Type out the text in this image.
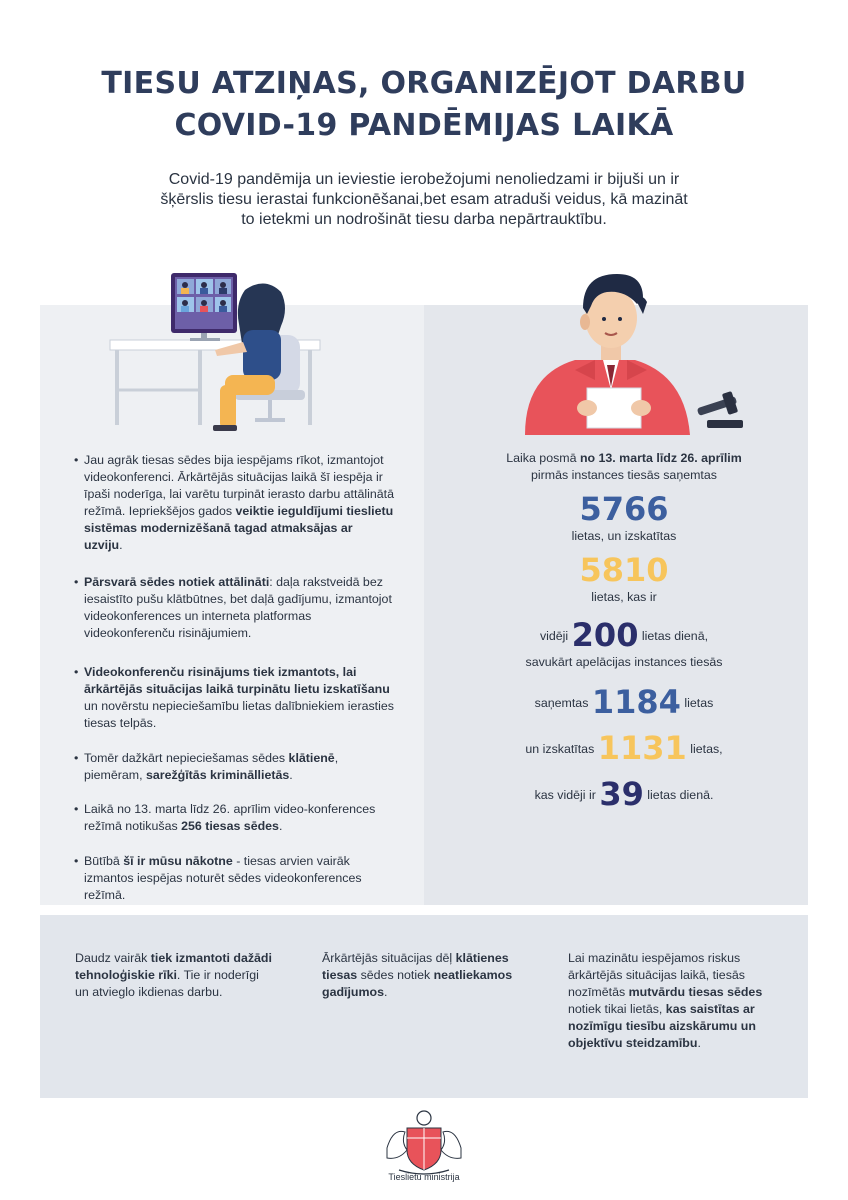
TIESU ATZIŅAS, ORGANIZĒJOT DARBU
COVID-19 PANDĒMIJAS LAIKĀ

Covid-19 pandēmija un ieviestie ierobežojumi nenoliedzami ir bijuši un ir
šķērslis tiesu ierastai funkcionēšanai,bet esam atraduši veidus, kā mazināt
to ietekmi un nodrošināt tiesu darba nepārtrauktību.

• Jau agrāk tiesas sēdes bija iespējams rīkot, izmantojot videokonferenci. Ārkārtējās situācijas laikā šī iespēja ir īpaši noderīga, lai varētu turpināt ierasto darbu attālinātā režīmā. Iepriekšējos gados veiktie ieguldījumi tieslietu sistēmas modernizēšanā tagad atmaksājas ar uzviju.
• Pārsvarā sēdes notiek attālināti: daļa rakstveidā bez iesaistīto pušu klātbūtnes, bet daļā gadījumu, izmantojot videokonferences un interneta platformas videokonferenču risinājumiem.
• Videokonferenču risinājums tiek izmantots, lai ārkārtējās situācijas laikā turpinātu lietu izskatīšanu un novērstu nepieciešamību lietas dalībniekiem ierasties tiesas telpās.
• Tomēr dažkārt nepieciešamas sēdes klātienē, piemēram, sarežģītās krimināllietās.
• Laikā no 13. marta līdz 26. aprīlim video-konferences režīmā notikušas 256 tiesas sēdes.
• Būtībā šī ir mūsu nākotne - tiesas arvien vairāk izmantos iespējas noturēt sēdes videokonferences režīmā.

Laika posmā no 13. marta līdz 26. aprīlim
pirmās instances tiesās saņemtas

5766

lietas, un izskatītas

5810

lietas, kas ir

vidēji 200 lietas dienā,

savukārt apelācijas instances tiesās

saņemtas 1184 lietas

un izskatītas 1131 lietas,

kas vidēji ir 39 lietas dienā.

Daudz vairāk tiek izmantoti dažādi tehnoloģiskie rīki. Tie ir noderīgi un atvieglo ikdienas darbu.

Ārkārtējās situācijas dēļ klātienes tiesas sēdes notiek neatliekamos gadījumos.

Lai mazinātu iespējamos riskus ārkārtējās situācijas laikā, tiesās nozīmētās mutvārdu tiesas sēdes notiek tikai lietās, kas saistītas ar nozīmīgu tiesību aizskārumu un objektīvu steidzamību.

Tieslietu ministrija
